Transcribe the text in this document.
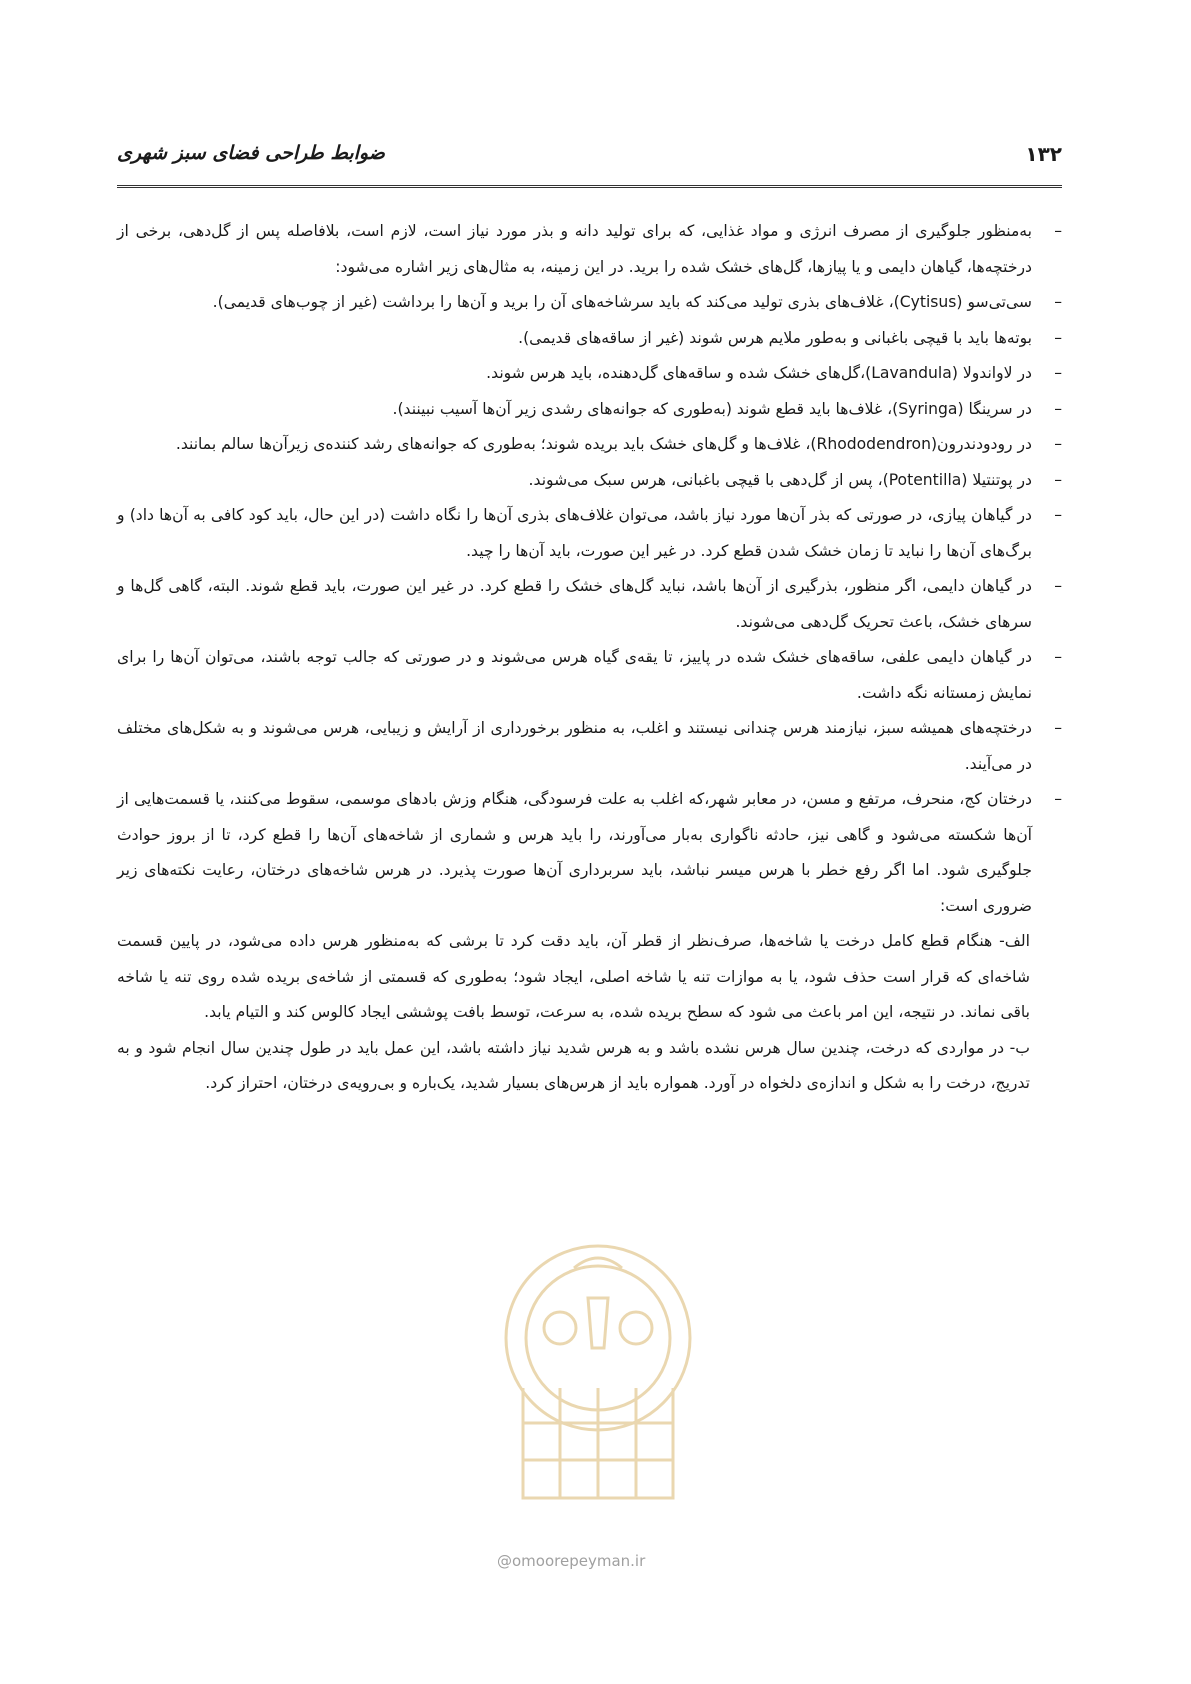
۱۳۲
ضوابط طراحی فضای سبز شهری

–
به‌منظور جلوگیری از مصرف انرژی و مواد غذایی، که برای تولید دانه و بذر مورد نیاز است، لازم است، بلافاصله پس از گل‌دهی، برخی از درختچه‌ها، گیاهان دایمی و یا پیازها، گل‌های خشک شده را برید. در این زمینه، به مثال‌های زیر اشاره می‌شود:

–
سی‌تی‌سو (Cytisus)، غلاف‌های بذری تولید می‌کند که باید سرشاخه‌های آن را برید و آن‌ها را برداشت (غیر از چوب‌های قدیمی).

–
بوته‌ها باید با قیچی باغبانی و به‌طور ملایم هرس شوند (غیر از ساقه‌های قدیمی).

–
در لاواندولا (Lavandula)،گل‌های خشک شده و ساقه‌های گل‌دهنده، باید هرس شوند.

–
در سرینگا (Syringa)، غلاف‌ها باید قطع شوند (به‌طوری که جوانه‌های رشدی زیر آن‌ها آسیب نبینند).

–
در رودودندرون(Rhododendron)، غلاف‌ها و گل‌های خشک باید بریده شوند؛ به‌طوری که جوانه‌های رشد کننده‌ی زیرآن‌ها سالم بمانند.

–
در پوتنتیلا (Potentilla)، پس از گل‌دهی با قیچی باغبانی، هرس سبک می‌شوند.

–
در گیاهان پیازی، در صورتی که بذر آن‌ها مورد نیاز باشد، می‌توان غلاف‌های بذری آن‌ها را نگاه داشت (در این حال، باید کود کافی به آن‌ها داد) و برگ‌های آن‌ها را نباید تا زمان خشک شدن قطع کرد. در غیر این صورت، باید آن‌ها را چید.

–
در گیاهان دایمی، اگر منظور، بذرگیری از آن‌ها باشد، نباید گل‌های خشک را قطع کرد. در غیر این صورت، باید قطع شوند. البته، گاهی گل‌ها و سرهای خشک، باعث تحریک گل‌دهی می‌شوند.

–
در گیاهان دایمی علفی، ساقه‌های خشک شده در پاییز، تا یقه‌ی گیاه هرس می‌شوند و در صورتی که جالب توجه باشند، می‌توان آن‌ها را برای نمایش زمستانه نگه داشت.

–
درختچه‌های همیشه سبز، نیازمند هرس چندانی نیستند و اغلب، به منظور برخورداری از آرایش و زیبایی، هرس می‌شوند و به شکل‌های مختلف در می‌آیند.

–
درختان کج، منحرف، مرتفع و مسن، در معابر شهر،که اغلب به علت فرسودگی، هنگام وزش بادهای موسمی، سقوط می‌کنند، یا قسمت‌هایی از آن‌ها شکسته می‌شود و گاهی نیز، حادثه ناگواری به‌بار می‌آورند، را باید هرس و شماری از شاخه‌های آن‌ها را قطع کرد، تا از بروز حوادث جلوگیری شود. اما اگر رفع خطر با هرس میسر نباشد، باید سربرداری آن‌ها صورت پذیرد. در هرس شاخه‌های درختان، رعایت نکته‌های زیر ضروری است:

الف- هنگام قطع کامل درخت یا شاخه‌ها، صرف‌نظر از قطر آن، باید دقت کرد تا برشی که به‌منظور هرس داده می‌شود، در پایین قسمت شاخه‌ای که قرار است حذف شود، یا به موازات تنه یا شاخه اصلی، ایجاد شود؛ به‌طوری که قسمتی از شاخه‌ی بریده شده روی تنه یا شاخه باقی نماند. در نتیجه، این امر باعث می شود که سطح بریده شده، به سرعت، توسط بافت پوششی ایجاد کالوس کند و التیام یابد.

ب- در مواردی که درخت، چندین سال هرس نشده باشد و به هرس شدید نیاز داشته باشد، این عمل باید در طول چندین سال انجام شود و به تدریج، درخت را به شکل و اندازه‌ی دلخواه در آورد. همواره باید از هرس‌های بسیار شدید، یک‌باره و بی‌رویه‌ی درختان، احتراز کرد.

@omoorepeyman.ir
